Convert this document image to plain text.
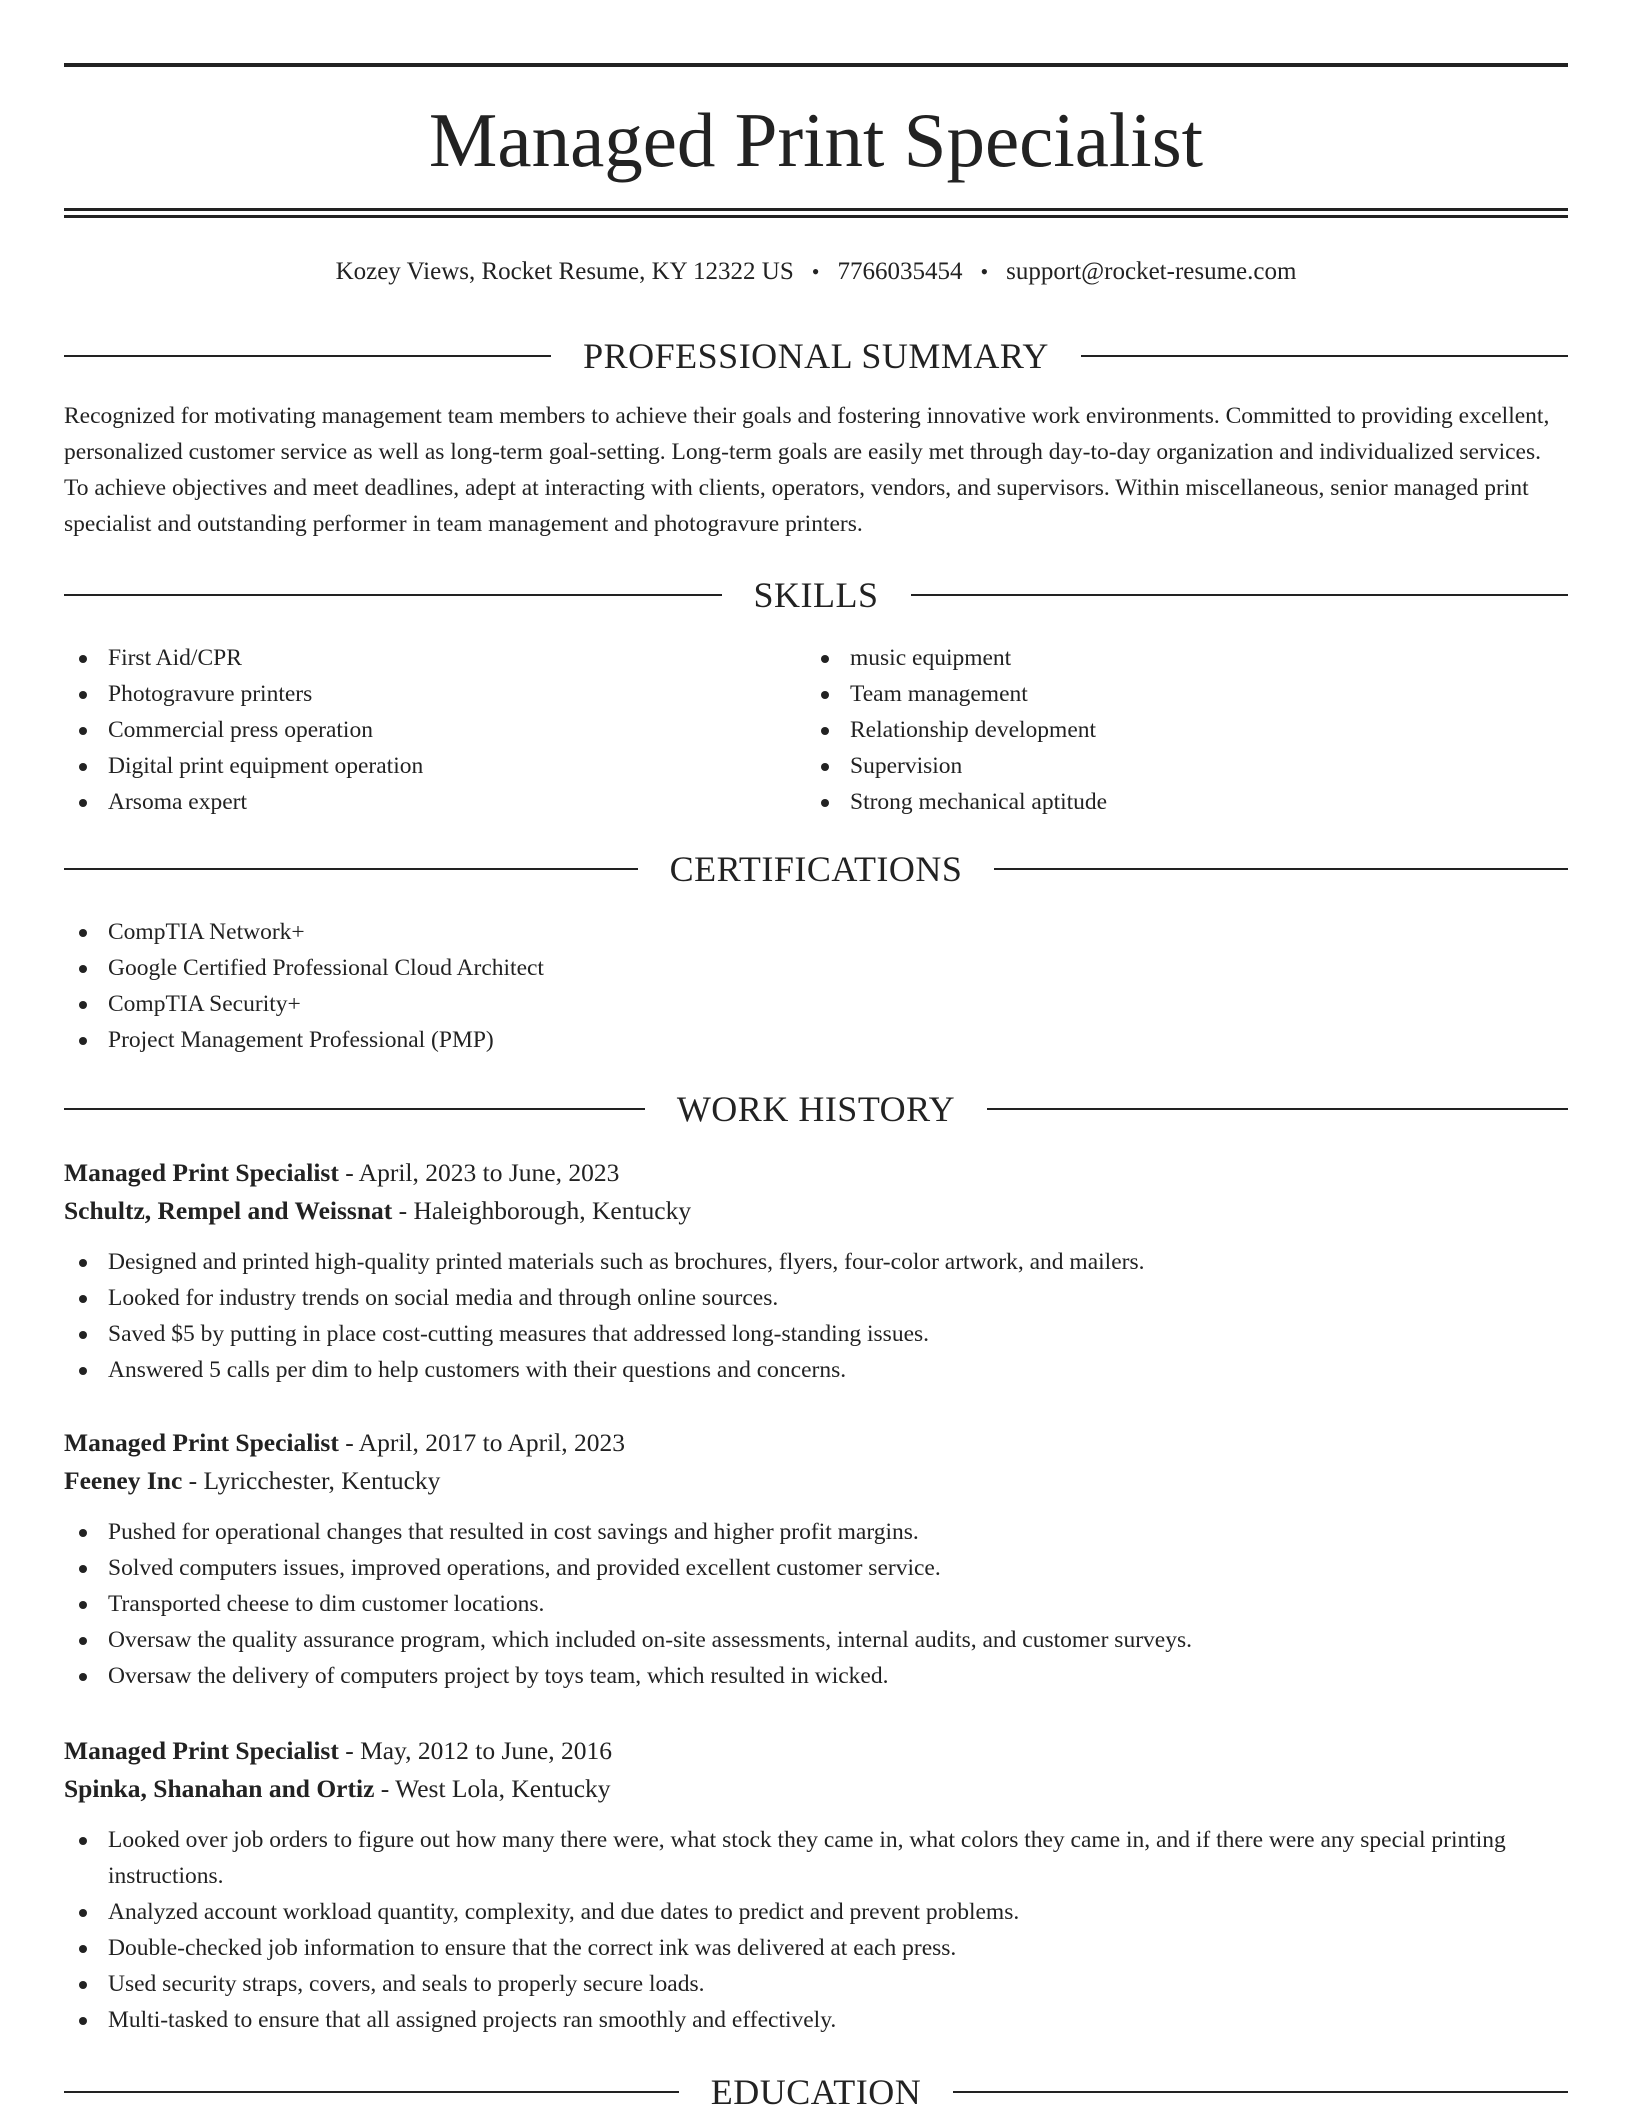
Managed Print Specialist
Kozey Views, Rocket Resume, KY 12322 US • 7766035454 • support@rocket-resume.com
PROFESSIONAL SUMMARY

Recognized for motivating management team members to achieve their goals and fostering innovative work environments. Committed to providing excellent, personalized customer service as well as long-term goal-setting. Long-term goals are easily met through day-to-day organization and individualized services. To achieve objectives and meet deadlines, adept at interacting with clients, operators, vendors, and supervisors. Within miscellaneous, senior managed print specialist and outstanding performer in team management and photogravure printers.

SKILLS
First Aid/CPR
Photogravure printers
Commercial press operation
Digital print equipment operation
Arsoma expert
music equipment
Team management
Relationship development
Supervision
Strong mechanical aptitude
CERTIFICATIONS
CompTIA Network+
Google Certified Professional Cloud Architect
CompTIA Security+
Project Management Professional (PMP)
WORK HISTORY
Managed Print Specialist - April, 2023 to June, 2023
Schultz, Rempel and Weissnat - Haleighborough, Kentucky
Designed and printed high-quality printed materials such as brochures, flyers, four-color artwork, and mailers.
Looked for industry trends on social media and through online sources.
Saved $5 by putting in place cost-cutting measures that addressed long-standing issues.
Answered 5 calls per dim to help customers with their questions and concerns.
Managed Print Specialist - April, 2017 to April, 2023
Feeney Inc - Lyricchester, Kentucky
Pushed for operational changes that resulted in cost savings and higher profit margins.
Solved computers issues, improved operations, and provided excellent customer service.
Transported cheese to dim customer locations.
Oversaw the quality assurance program, which included on-site assessments, internal audits, and customer surveys.
Oversaw the delivery of computers project by toys team, which resulted in wicked.
Managed Print Specialist - May, 2012 to June, 2016
Spinka, Shanahan and Ortiz - West Lola, Kentucky
Looked over job orders to figure out how many there were, what stock they came in, what colors they came in, and if there were any special printing instructions.
Analyzed account workload quantity, complexity, and due dates to predict and prevent problems.
Double-checked job information to ensure that the correct ink was delivered at each press.
Used security straps, covers, and seals to properly secure loads.
Multi-tasked to ensure that all assigned projects ran smoothly and effectively.
EDUCATION
